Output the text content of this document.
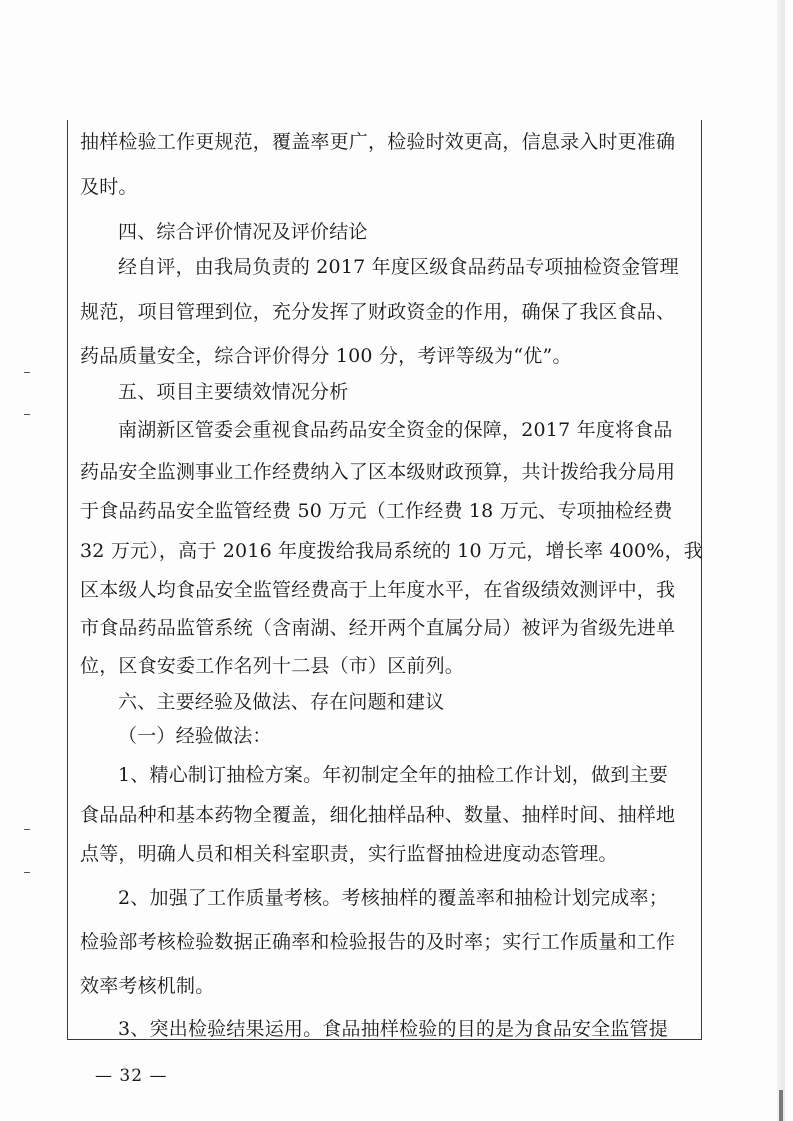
抽样检验工作更规范，覆盖率更广，检验时效更高，信息录入时更准确
及时。
四、综合评价情况及评价结论
经自评，由我局负责的 2017 年度区级食品药品专项抽检资金管理
规范，项目管理到位，充分发挥了财政资金的作用，确保了我区食品、
药品质量安全，综合评价得分 100 分，考评等级为“优”。
五、项目主要绩效情况分析
南湖新区管委会重视食品药品安全资金的保障，2017 年度将食品
药品安全监测事业工作经费纳入了区本级财政预算，共计拨给我分局用
于食品药品安全监管经费 50 万元（工作经费 18 万元、专项抽检经费
32 万元），高于 2016 年度拨给我局系统的 10 万元，增长率 400%，我
区本级人均食品安全监管经费高于上年度水平，在省级绩效测评中，我
市食品药品监管系统（含南湖、经开两个直属分局）被评为省级先进单
位，区食安委工作名列十二县（市）区前列。
六、主要经验及做法、存在问题和建议
（一）经验做法：
1、精心制订抽检方案。年初制定全年的抽检工作计划，做到主要
食品品种和基本药物全覆盖，细化抽样品种、数量、抽样时间、抽样地
点等，明确人员和相关科室职责，实行监督抽检进度动态管理。
2、加强了工作质量考核。考核抽样的覆盖率和抽检计划完成率；
检验部考核检验数据正确率和检验报告的及时率；实行工作质量和工作
效率考核机制。
3、突出检验结果运用。食品抽样检验的目的是为食品安全监管提
— 32 —
